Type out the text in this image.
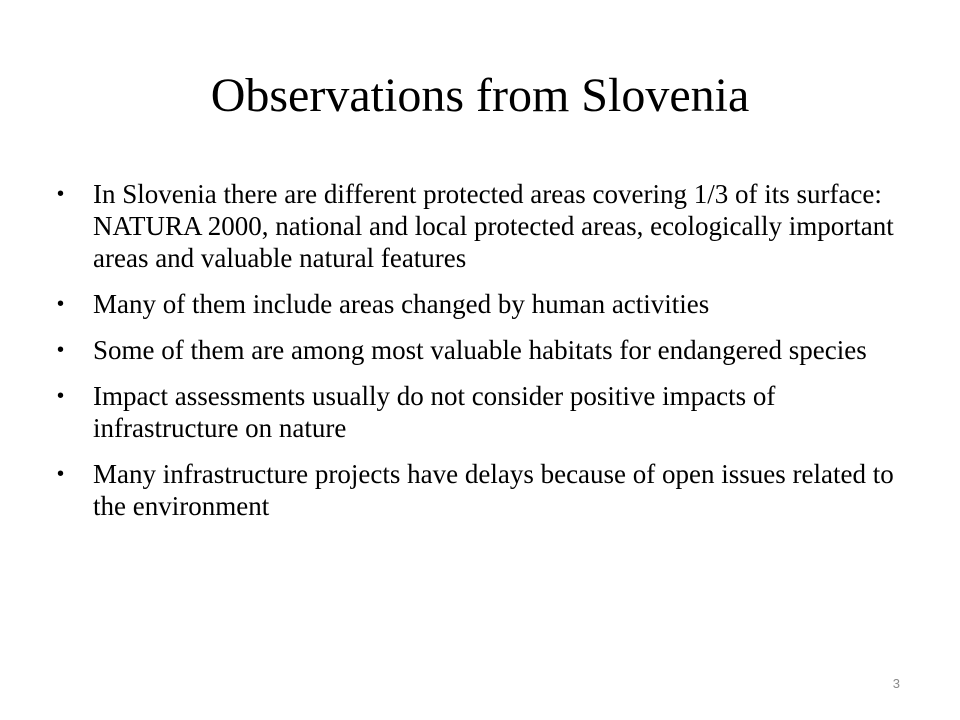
Observations from Slovenia
• In Slovenia there are different protected areas covering 1/3 of its surface: NATURA 2000, national and local protected areas, ecologically important areas and valuable natural features
• Many of them include areas changed by human activities
• Some of them are among most valuable habitats for endangered species
• Impact assessments usually do not consider positive impacts of infrastructure on nature
• Many infrastructure projects have delays because of open issues related to the environment
3
